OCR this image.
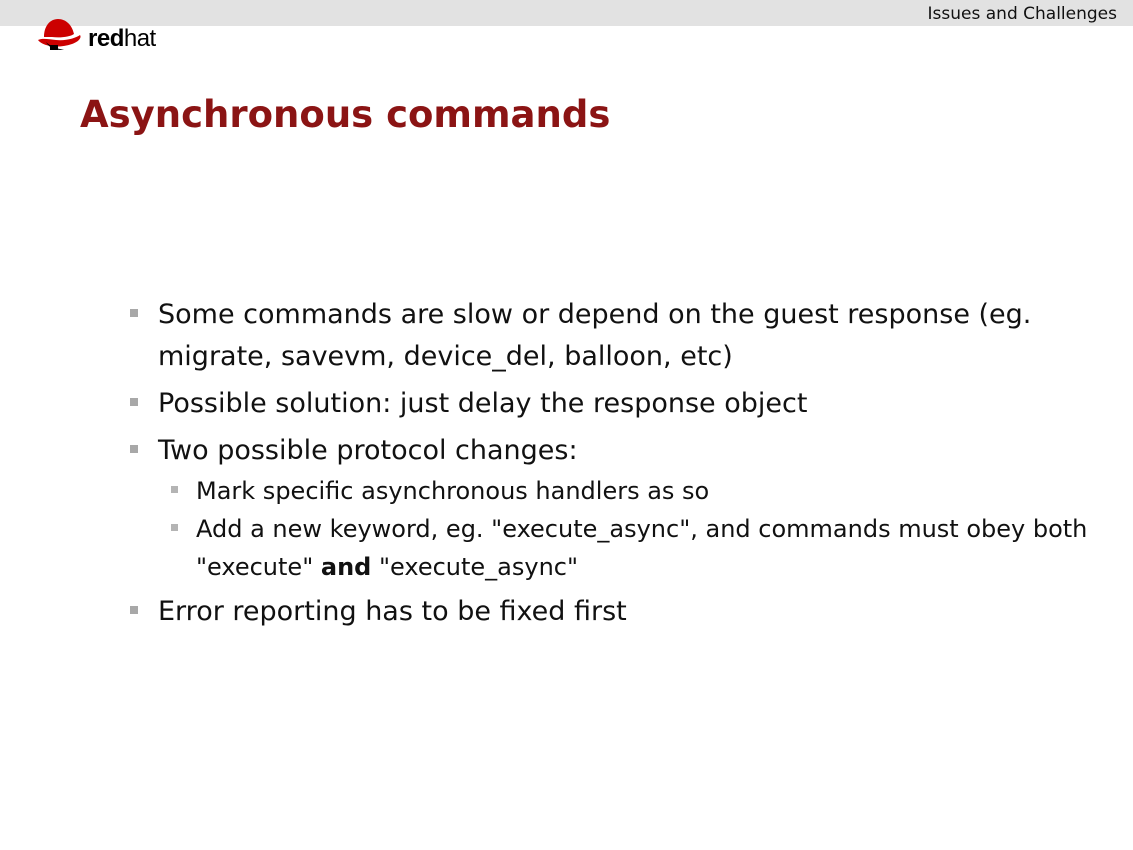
Issues and Challenges
redhat
Asynchronous commands
Some commands are slow or depend on the guest response (eg. migrate, savevm, device_del, balloon, etc)
Possible solution: just delay the response object
Two possible protocol changes:
Mark specific asynchronous handlers as so
Add a new keyword, eg. "execute_async", and commands must obey both "execute" and "execute_async"
Error reporting has to be fixed first
